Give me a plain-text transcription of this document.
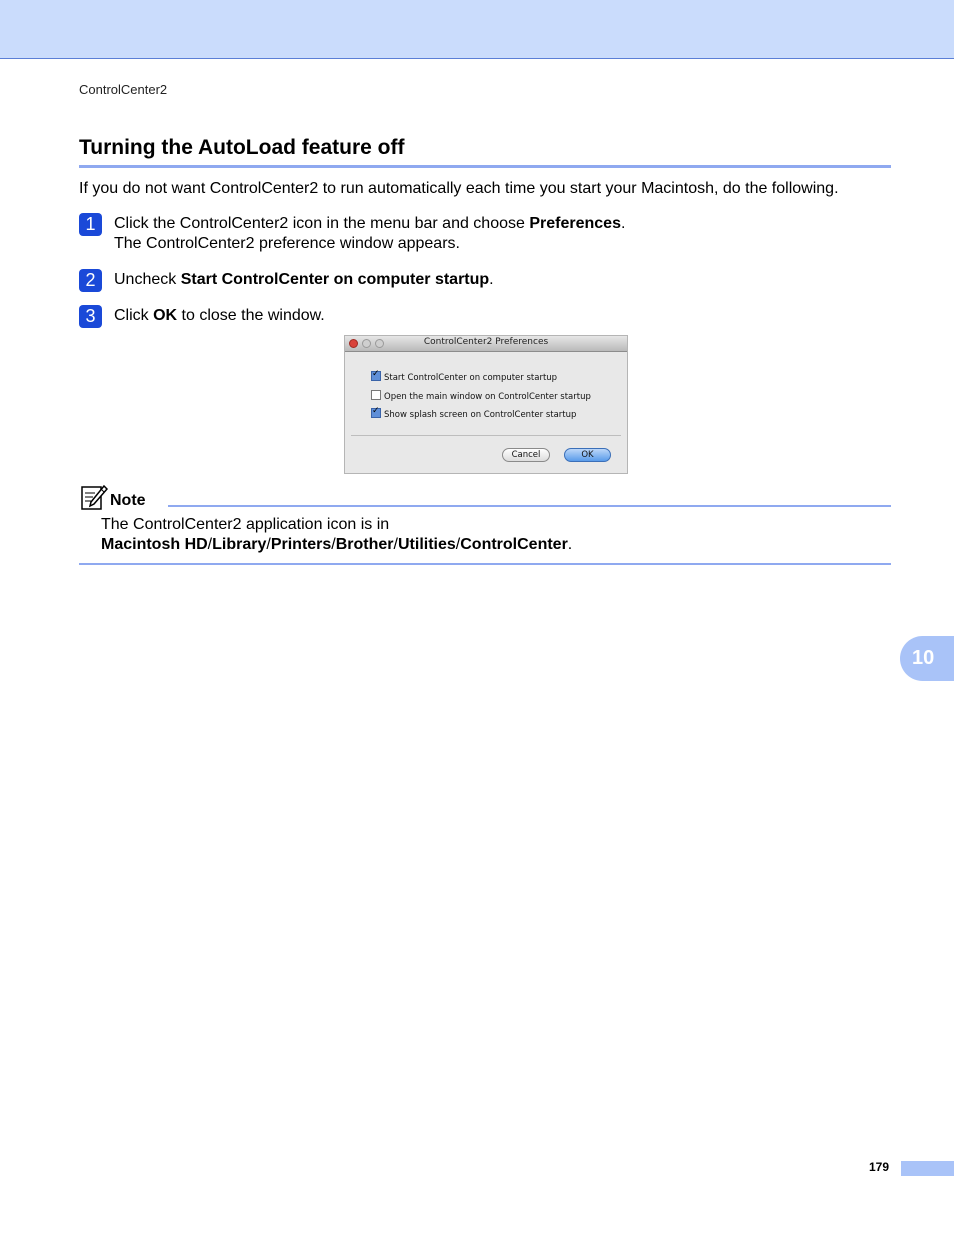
ControlCenter2
Turning the AutoLoad feature off
If you do not want ControlCenter2 to run automatically each time you start your Macintosh, do the following.
1	Click the ControlCenter2 icon in the menu bar and choose Preferences.
The ControlCenter2 preference window appears.
2	Uncheck Start ControlCenter on computer startup.
3	Click OK to close the window.
ControlCenter2 Preferences
✓Start ControlCenter on computer startup
Open the main window on ControlCenter startup
✓Show splash screen on ControlCenter startup
Cancel	OK
Note
The ControlCenter2 application icon is in
Macintosh HD/Library/Printers/Brother/Utilities/ControlCenter.
10
179
